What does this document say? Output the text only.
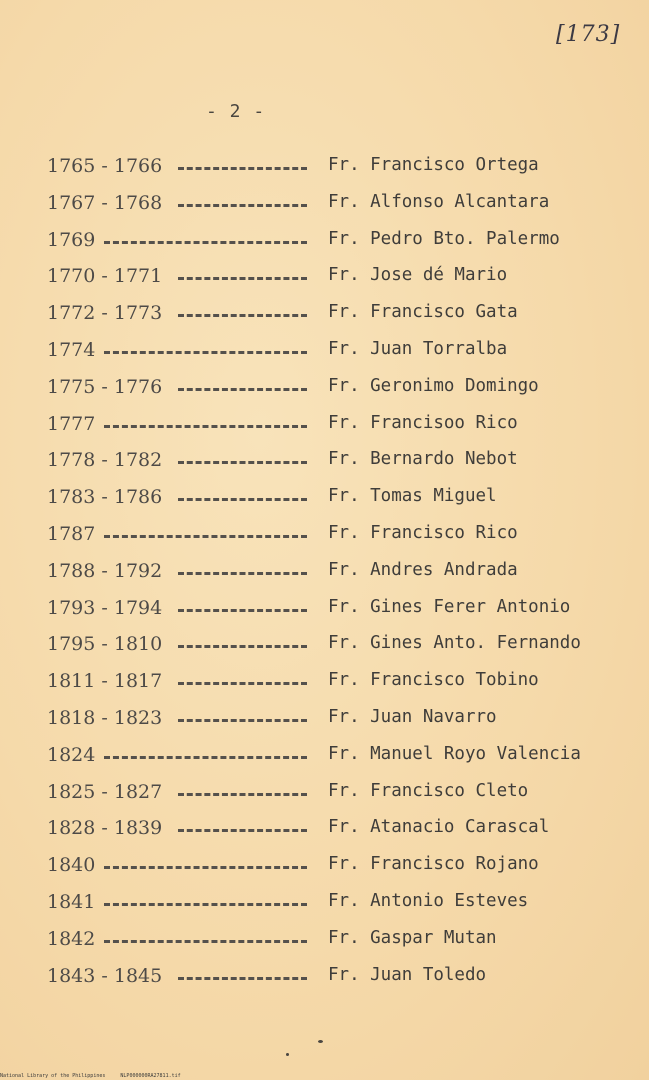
[173]
- 2 -
1765 - 1766	Fr. Francisco Ortega
1767 - 1768	Fr. Alfonso Alcantara
1769	Fr. Pedro Bto. Palermo
1770 - 1771	Fr. Jose dé Mario
1772 - 1773	Fr. Francisco Gata
1774	Fr. Juan Torralba
1775 - 1776	Fr. Geronimo Domingo
1777	Fr. Francisoo Rico
1778 - 1782	Fr. Bernardo Nebot
1783 - 1786	Fr. Tomas Miguel
1787	Fr. Francisco Rico
1788 - 1792	Fr. Andres Andrada
1793 - 1794	Fr. Gines Ferer Antonio
1795 - 1810	Fr. Gines Anto. Fernando
1811 - 1817	Fr. Francisco Tobino
1818 - 1823	Fr. Juan Navarro
1824	Fr. Manuel Royo Valencia
1825 - 1827	Fr. Francisco Cleto
1828 - 1839	Fr. Atanacio Carascal
1840	Fr. Francisco Rojano
1841	Fr. Antonio Esteves
1842	Fr. Gaspar Mutan
1843 - 1845	Fr. Juan Toledo
National Library of the Philippines     NLP000000RA27811.tif
